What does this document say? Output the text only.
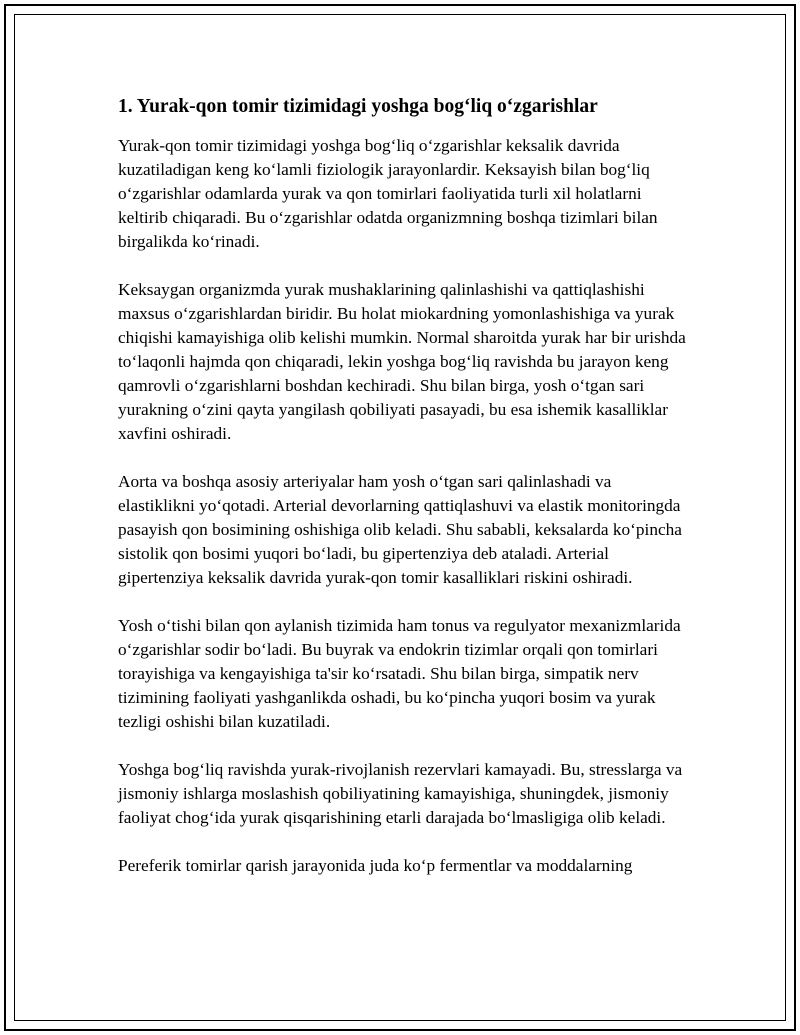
1. Yurak-qon tomir tizimidagi yoshga bog‘liq o‘zgarishlar

Yurak-qon tomir tizimidagi yoshga bog‘liq o‘zgarishlar keksalik davrida kuzatiladigan keng ko‘lamli fiziologik jarayonlardir. Keksayish bilan bog‘liq o‘zgarishlar odamlarda yurak va qon tomirlari faoliyatida turli xil holatlarni keltirib chiqaradi. Bu o‘zgarishlar odatda organizmning boshqa tizimlari bilan birgalikda ko‘rinadi.

Keksaygan organizmda yurak mushaklarining qalinlashishi va qattiqlashishi maxsus o‘zgarishlardan biridir. Bu holat miokardning yomonlashishiga va yurak chiqishi kamayishiga olib kelishi mumkin. Normal sharoitda yurak har bir urishda to‘laqonli hajmda qon chiqaradi, lekin yoshga bog‘liq ravishda bu jarayon keng qamrovli o‘zgarishlarni boshdan kechiradi. Shu bilan birga, yosh o‘tgan sari yurakning o‘zini qayta yangilash qobiliyati pasayadi, bu esa ishemik kasalliklar xavfini oshiradi.

Aorta va boshqa asosiy arteriyalar ham yosh o‘tgan sari qalinlashadi va elastiklikni yo‘qotadi. Arterial devorlarning qattiqlashuvi va elastik monitoringda pasayish qon bosimining oshishiga olib keladi. Shu sababli, keksalarda ko‘pincha sistolik qon bosimi yuqori bo‘ladi, bu gipertenziya deb ataladi. Arterial gipertenziya keksalik davrida yurak-qon tomir kasalliklari riskini oshiradi.

Yosh o‘tishi bilan qon aylanish tizimida ham tonus va regulyator mexanizmlarida o‘zgarishlar sodir bo‘ladi. Bu buyrak va endokrin tizimlar orqali qon tomirlari torayishiga va kengayishiga ta'sir ko‘rsatadi. Shu bilan birga, simpatik nerv tizimining faoliyati yashganlikda oshadi, bu ko‘pincha yuqori bosim va yurak tezligi oshishi bilan kuzatiladi.

Yoshga bog‘liq ravishda yurak-rivojlanish rezervlari kamayadi. Bu, stresslarga va jismoniy ishlarga moslashish qobiliyatining kamayishiga, shuningdek, jismoniy faoliyat chog‘ida yurak qisqarishining etarli darajada bo‘lmasligiga olib keladi.

Pereferik tomirlar qarish jarayonida juda ko‘p fermentlar va moddalarning
